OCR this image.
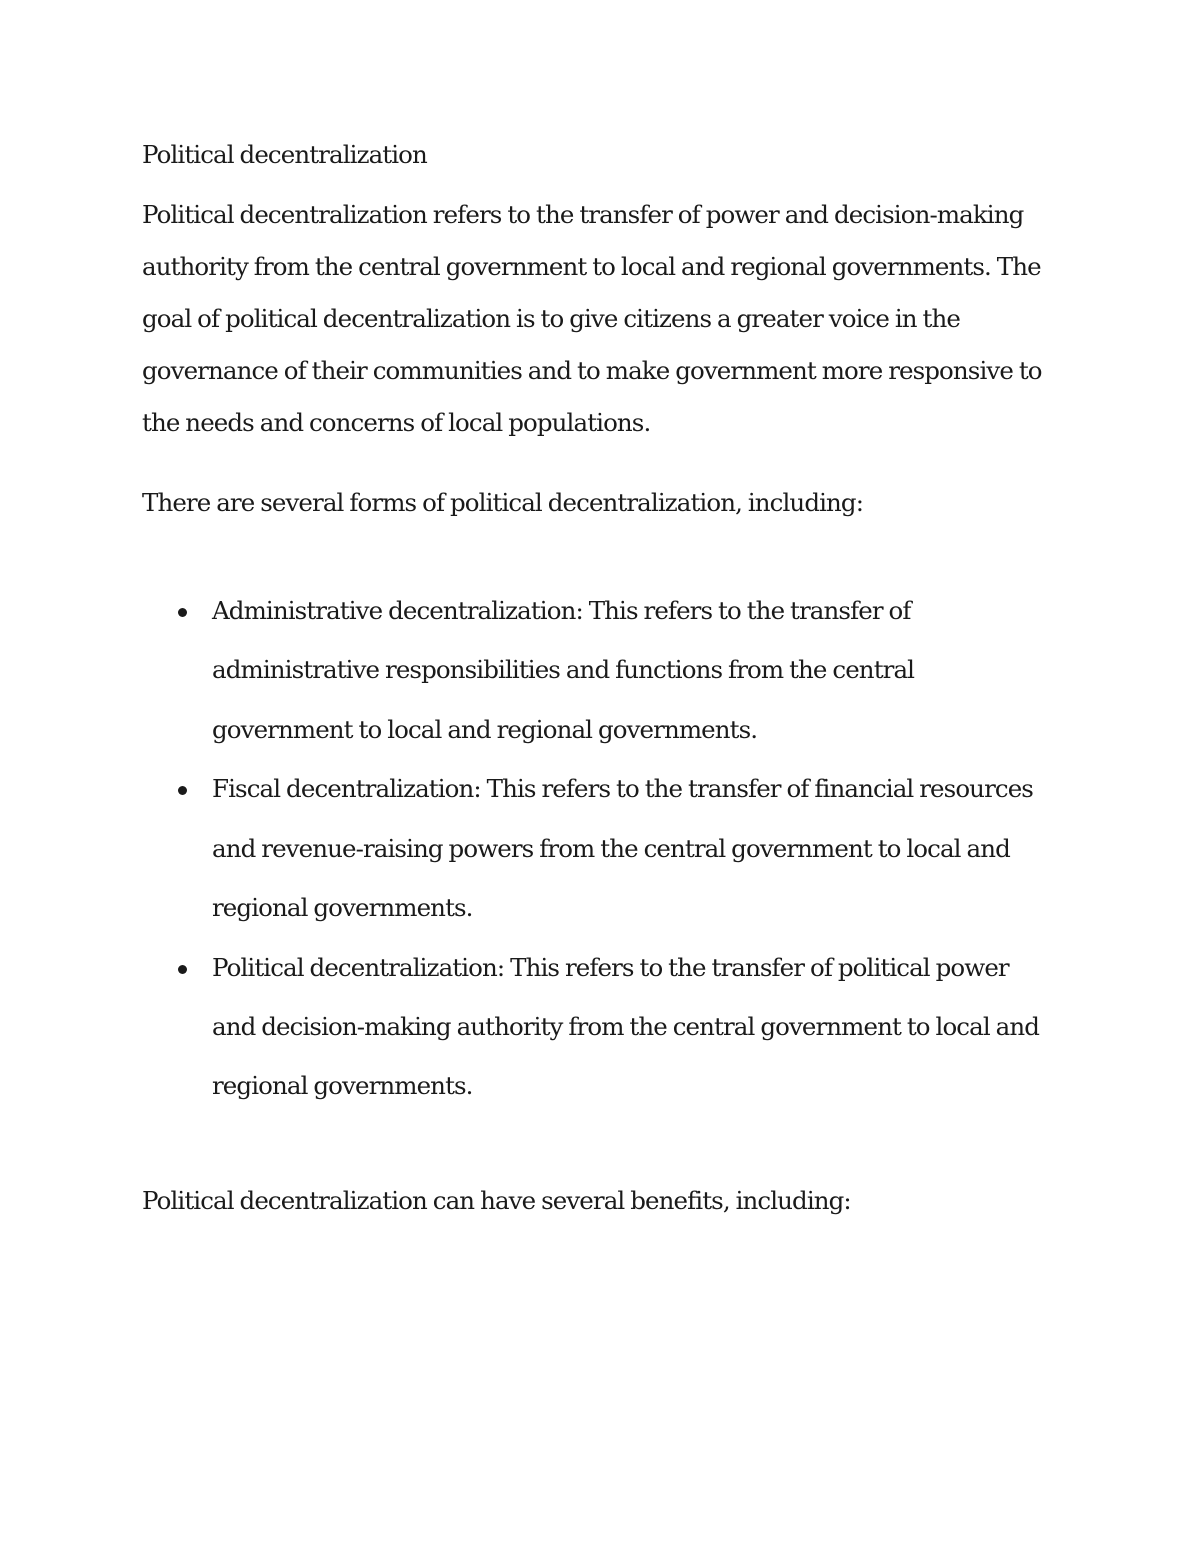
Political decentralization
Political decentralization refers to the transfer of power and decision-making
authority from the central government to local and regional governments. The
goal of political decentralization is to give citizens a greater voice in the
governance of their communities and to make government more responsive to
the needs and concerns of local populations.
There are several forms of political decentralization, including:
Administrative decentralization: This refers to the transfer of
administrative responsibilities and functions from the central
government to local and regional governments.
Fiscal decentralization: This refers to the transfer of financial resources
and revenue-raising powers from the central government to local and
regional governments.
Political decentralization: This refers to the transfer of political power
and decision-making authority from the central government to local and
regional governments.
Political decentralization can have several benefits, including:
